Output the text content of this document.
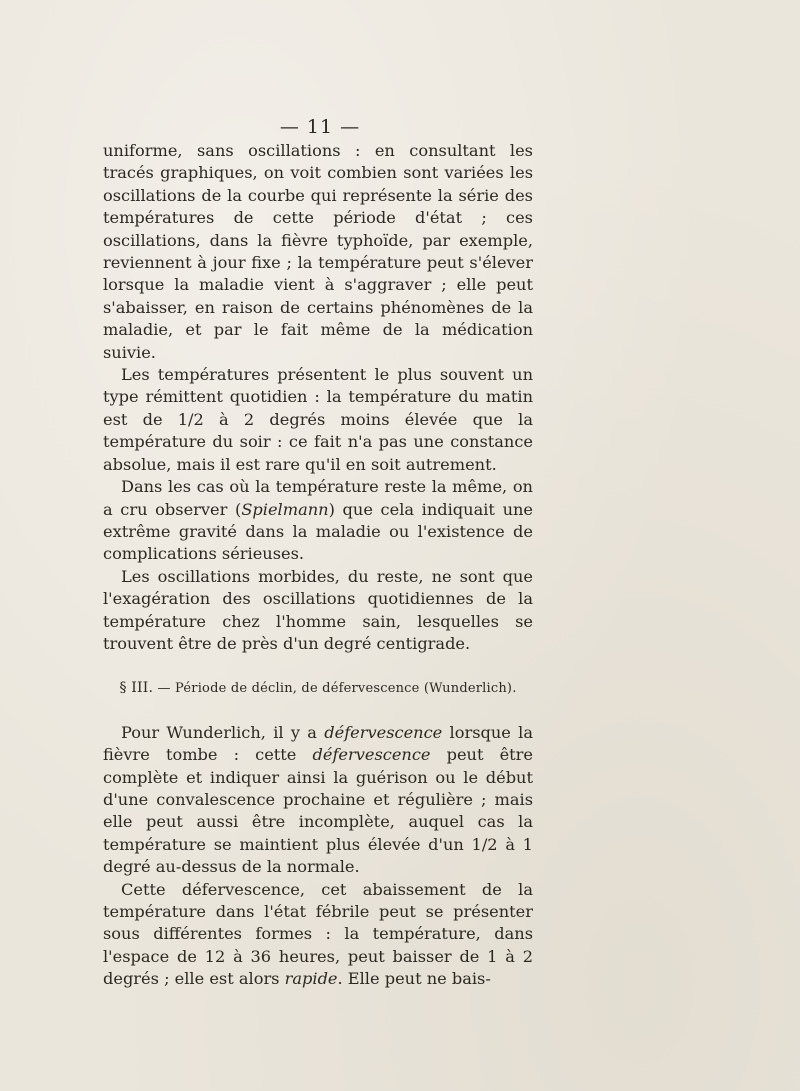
— 11 —

uniforme, sans oscillations : en consultant les tracés graphiques, on voit combien sont variées les oscillations de la courbe qui représente la série des températures de cette période d'état ; ces oscillations, dans la fièvre typhoïde, par exemple, reviennent à jour fixe ; la température peut s'élever lorsque la maladie vient à s'aggraver ; elle peut s'abaisser, en raison de certains phénomènes de la maladie, et par le fait même de la médication suivie.

Les températures présentent le plus souvent un type rémittent quotidien : la température du matin est de 1/2 à 2 degrés moins élevée que la température du soir : ce fait n'a pas une constance absolue, mais il est rare qu'il en soit autrement.

Dans les cas où la température reste la même, on a cru observer (Spielmann) que cela indiquait une extrême gravité dans la maladie ou l'existence de complications sérieuses.

Les oscillations morbides, du reste, ne sont que l'exagération des oscillations quotidiennes de la température chez l'homme sain, lesquelles se trouvent être de près d'un degré centigrade.

§ III. — Période de déclin, de défervescence (Wunderlich).

Pour Wunderlich, il y a défervescence lorsque la fièvre tombe : cette défervescence peut être complète et indiquer ainsi la guérison ou le début d'une convalescence prochaine et régulière ; mais elle peut aussi être incomplète, auquel cas la température se maintient plus élevée d'un 1/2 à 1 degré au-dessus de la normale.

Cette défervescence, cet abaissement de la température dans l'état fébrile peut se présenter sous différentes formes : la température, dans l'espace de 12 à 36 heures, peut baisser de 1 à 2 degrés ; elle est alors rapide. Elle peut ne bais-
